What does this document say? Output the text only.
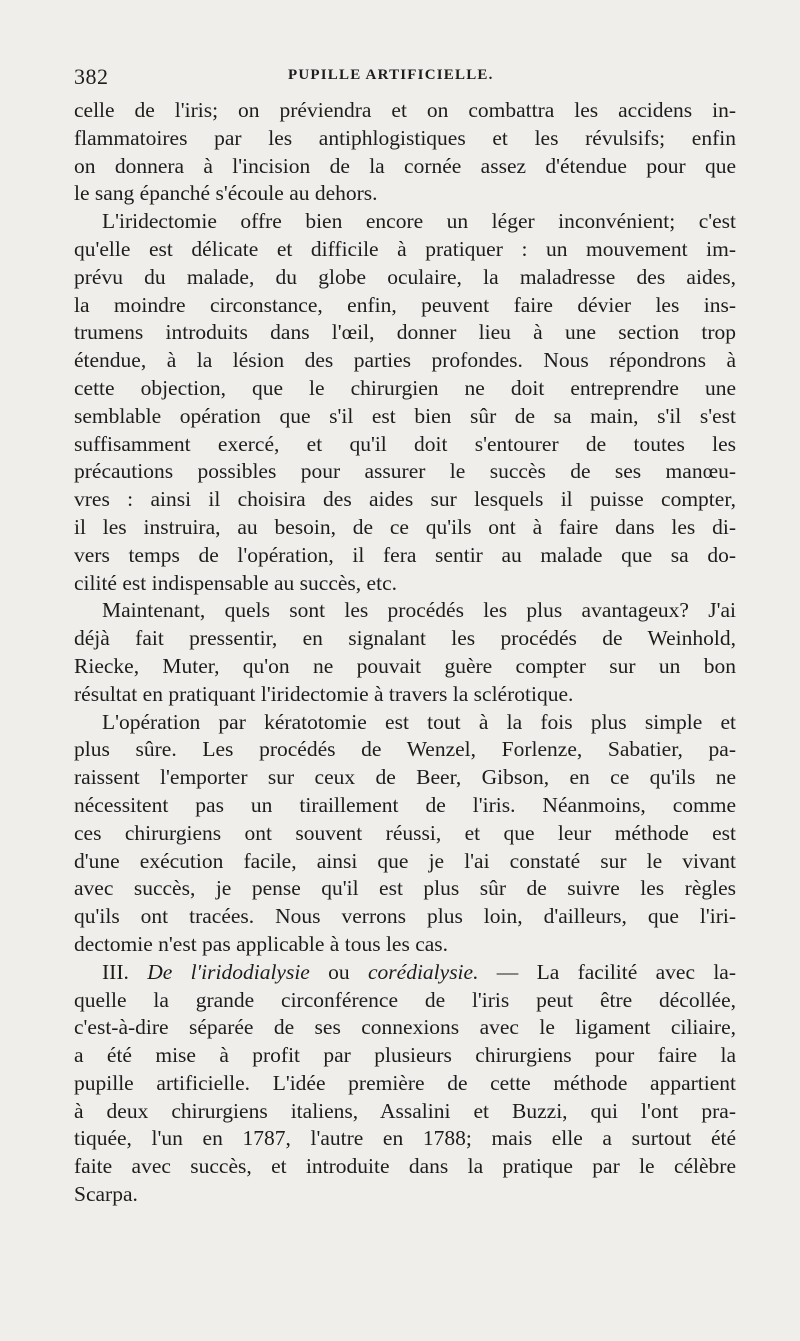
382	PUPILLE ARTIFICIELLE.
celle de l'iris; on préviendra et on combattra les accidens in-
flammatoires par les antiphlogistiques et les révulsifs; enfin
on donnera à l'incision de la cornée assez d'étendue pour que
le sang épanché s'écoule au dehors.
L'iridectomie offre bien encore un léger inconvénient; c'est
qu'elle est délicate et difficile à pratiquer : un mouvement im-
prévu du malade, du globe oculaire, la maladresse des aides,
la moindre circonstance, enfin, peuvent faire dévier les ins-
trumens introduits dans l'œil, donner lieu à une section trop
étendue, à la lésion des parties profondes. Nous répondrons à
cette objection, que le chirurgien ne doit entreprendre une
semblable opération que s'il est bien sûr de sa main, s'il s'est
suffisamment exercé, et qu'il doit s'entourer de toutes les
précautions possibles pour assurer le succès de ses manœu-
vres : ainsi il choisira des aides sur lesquels il puisse compter,
il les instruira, au besoin, de ce qu'ils ont à faire dans les di-
vers temps de l'opération, il fera sentir au malade que sa do-
cilité est indispensable au succès, etc.
Maintenant, quels sont les procédés les plus avantageux? J'ai
déjà fait pressentir, en signalant les procédés de Weinhold,
Riecke, Muter, qu'on ne pouvait guère compter sur un bon
résultat en pratiquant l'iridectomie à travers la sclérotique.
L'opération par kératotomie est tout à la fois plus simple et
plus sûre. Les procédés de Wenzel, Forlenze, Sabatier, pa-
raissent l'emporter sur ceux de Beer, Gibson, en ce qu'ils ne
nécessitent pas un tiraillement de l'iris. Néanmoins, comme
ces chirurgiens ont souvent réussi, et que leur méthode est
d'une exécution facile, ainsi que je l'ai constaté sur le vivant
avec succès, je pense qu'il est plus sûr de suivre les règles
qu'ils ont tracées. Nous verrons plus loin, d'ailleurs, que l'iri-
dectomie n'est pas applicable à tous les cas.
III. De l'iridodialysie ou corédialysie. — La facilité avec la-
quelle la grande circonférence de l'iris peut être décollée,
c'est-à-dire séparée de ses connexions avec le ligament ciliaire,
a été mise à profit par plusieurs chirurgiens pour faire la
pupille artificielle. L'idée première de cette méthode appartient
à deux chirurgiens italiens, Assalini et Buzzi, qui l'ont pra-
tiquée, l'un en 1787, l'autre en 1788; mais elle a surtout été
faite avec succès, et introduite dans la pratique par le célèbre
Scarpa.
